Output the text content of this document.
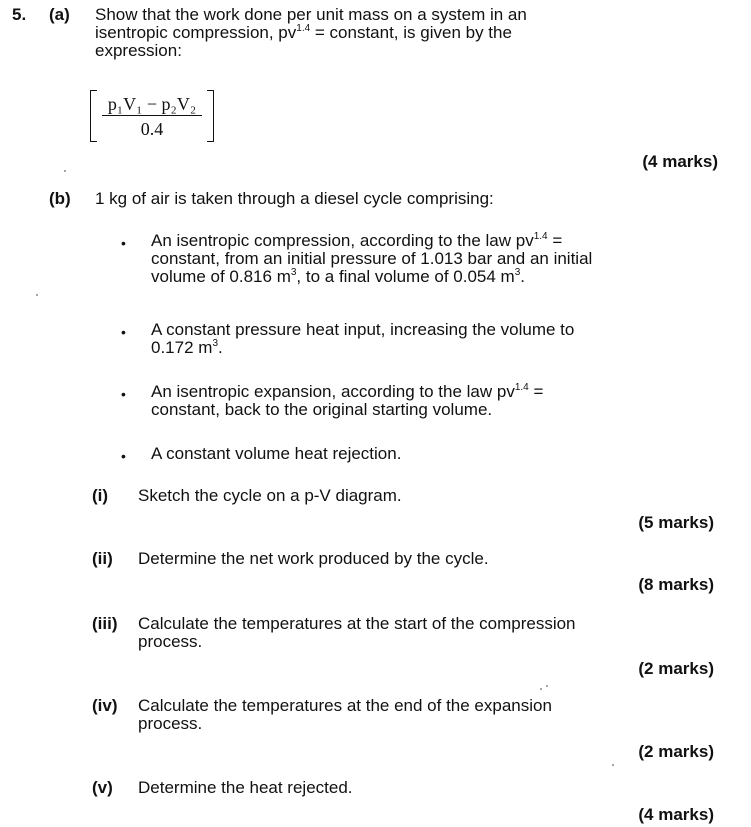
5. (a) Show that the work done per unit mass on a system in an
isentropic compression, $pv^{1.4}$ = constant, is given by the
expression:
p₁V₁ − p₂V₂
0.4
(4 marks)
(b) 1 kg of air is taken through a diesel cycle comprising:
• An isentropic compression, according to the law $pv^{1.4}$ =
constant, from an initial pressure of 1.013 bar and an initial
volume of 0.816 $m^3$, to a final volume of 0.054 $m^3$.
• A constant pressure heat input, increasing the volume to
0.172 $m^3$.
• An isentropic expansion, according to the law $pv^{1.4}$ =
constant, back to the original starting volume.
• A constant volume heat rejection.
(i) Sketch the cycle on a p-V diagram.
(5 marks)
(ii) Determine the net work produced by the cycle.
(8 marks)
(iii) Calculate the temperatures at the start of the compression
process.
(2 marks)
(iv) Calculate the temperatures at the end of the expansion
process.
(2 marks)
(v) Determine the heat rejected.
(4 marks)
